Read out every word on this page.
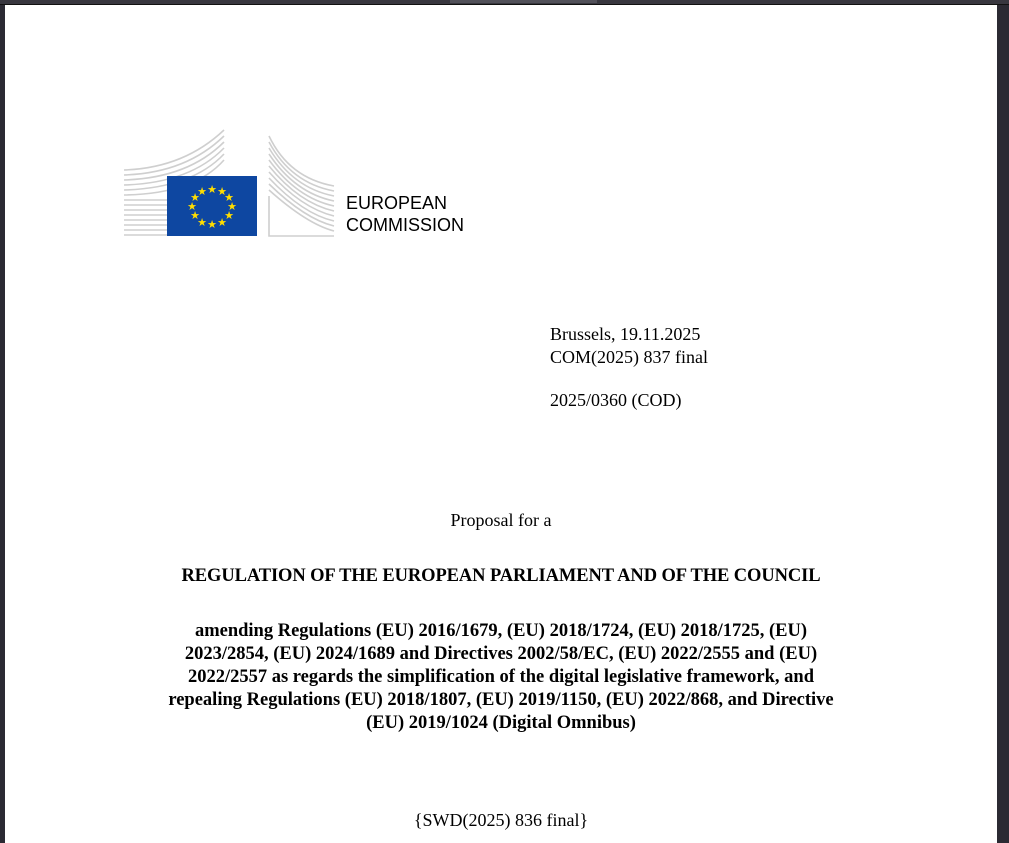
★ ★
★
★
★
★
★
★
★
★
★
★
EUROPEAN
COMMISSION
Brussels, 19.11.2025
COM(2025) 837 final
2025/0360 (COD)
Proposal for a
REGULATION OF THE EUROPEAN PARLIAMENT AND OF THE COUNCIL
amending Regulations (EU) 2016/1679, (EU) 2018/1724, (EU) 2018/1725, (EU)
2023/2854, (EU) 2024/1689 and Directives 2002/58/EC, (EU) 2022/2555 and (EU)
2022/2557 as regards the simplification of the digital legislative framework, and
repealing Regulations (EU) 2018/1807, (EU) 2019/1150, (EU) 2022/868, and Directive
(EU) 2019/1024 (Digital Omnibus)
{SWD(2025) 836 final}
